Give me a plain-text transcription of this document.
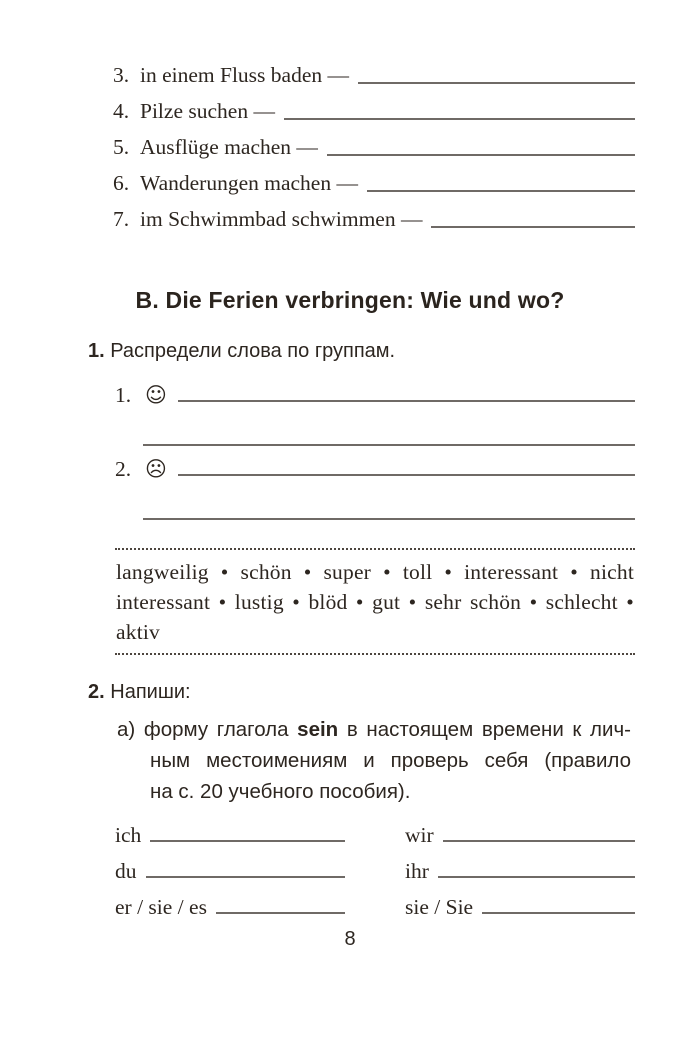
3. in einem Fluss baden —
4. Pilze suchen —
5. Ausflüge machen —
6. Wanderungen machen —
7. im Schwimmbad schwimmen —
B. Die Ferien verbringen: Wie und wo?
1. Распредели слова по группам.
1. ☺
2. ☹
langweilig • schön • super • toll • interessant • nicht
interessant • lustig • blöd • gut • sehr schön • schlecht •
aktiv
2. Напиши:
а) форму глагола sein в настоящем времени к лич-
ным местоимениям и проверь себя (правило
на с. 20 учебного пособия).
ich
du
er / sie / es
wir
ihr
sie / Sie
8
